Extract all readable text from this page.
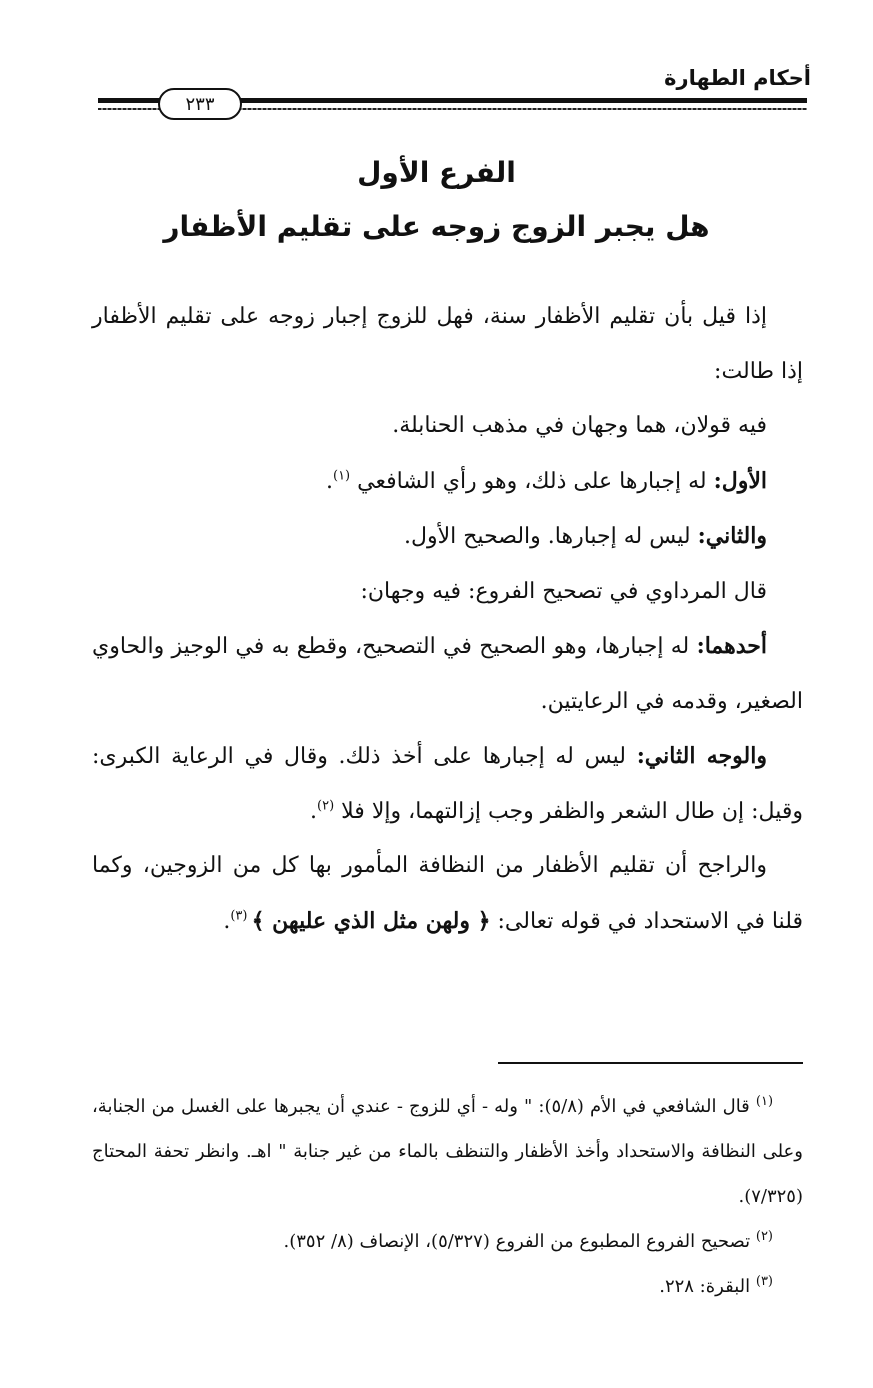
أحكام الطهارة
٢٣٣
الفرع الأول
هل يجبر الزوج زوجه على تقليم الأظفار

إذا قيل بأن تقليم الأظفار سنة، فهل للزوج إجبار زوجه على تقليم الأظفار إذا طالت:

فيه قولان، هما وجهان في مذهب الحنابلة.

الأول: له إجبارها على ذلك، وهو رأي الشافعي $^{(١)}$.

والثاني: ليس له إجبارها. والصحيح الأول.

قال المرداوي في تصحيح الفروع: فيه وجهان:

أحدهما: له إجبارها، وهو الصحيح في التصحيح، وقطع به في الوجيز والحاوي الصغير، وقدمه في الرعايتين.

والوجه الثاني: ليس له إجبارها على أخذ ذلك. وقال في الرعاية الكبرى: وقيل: إن طال الشعر والظفر وجب إزالتهما، وإلا فلا $^{(٢)}$.

والراجح أن تقليم الأظفار من النظافة المأمور بها كل من الزوجين، وكما قلنا في الاستحداد في قوله تعالى: ﴿ ولهن مثل الذي عليهن ﴾ $^{(٣)}$.

$^{(١)}$ قال الشافعي في الأم (٥/٨): " وله - أي للزوج - عندي أن يجبرها على الغسل من الجنابة، وعلى النظافة والاستحداد وأخذ الأظفار والتنظف بالماء من غير جنابة " اهـ. وانظر تحفة المحتاج (٧/٣٢٥).

$^{(٢)}$ تصحيح الفروع المطبوع من الفروع (٥/٣٢٧)، الإنصاف (٨/ ٣٥٢).

$^{(٣)}$ البقرة: ٢٢٨.
